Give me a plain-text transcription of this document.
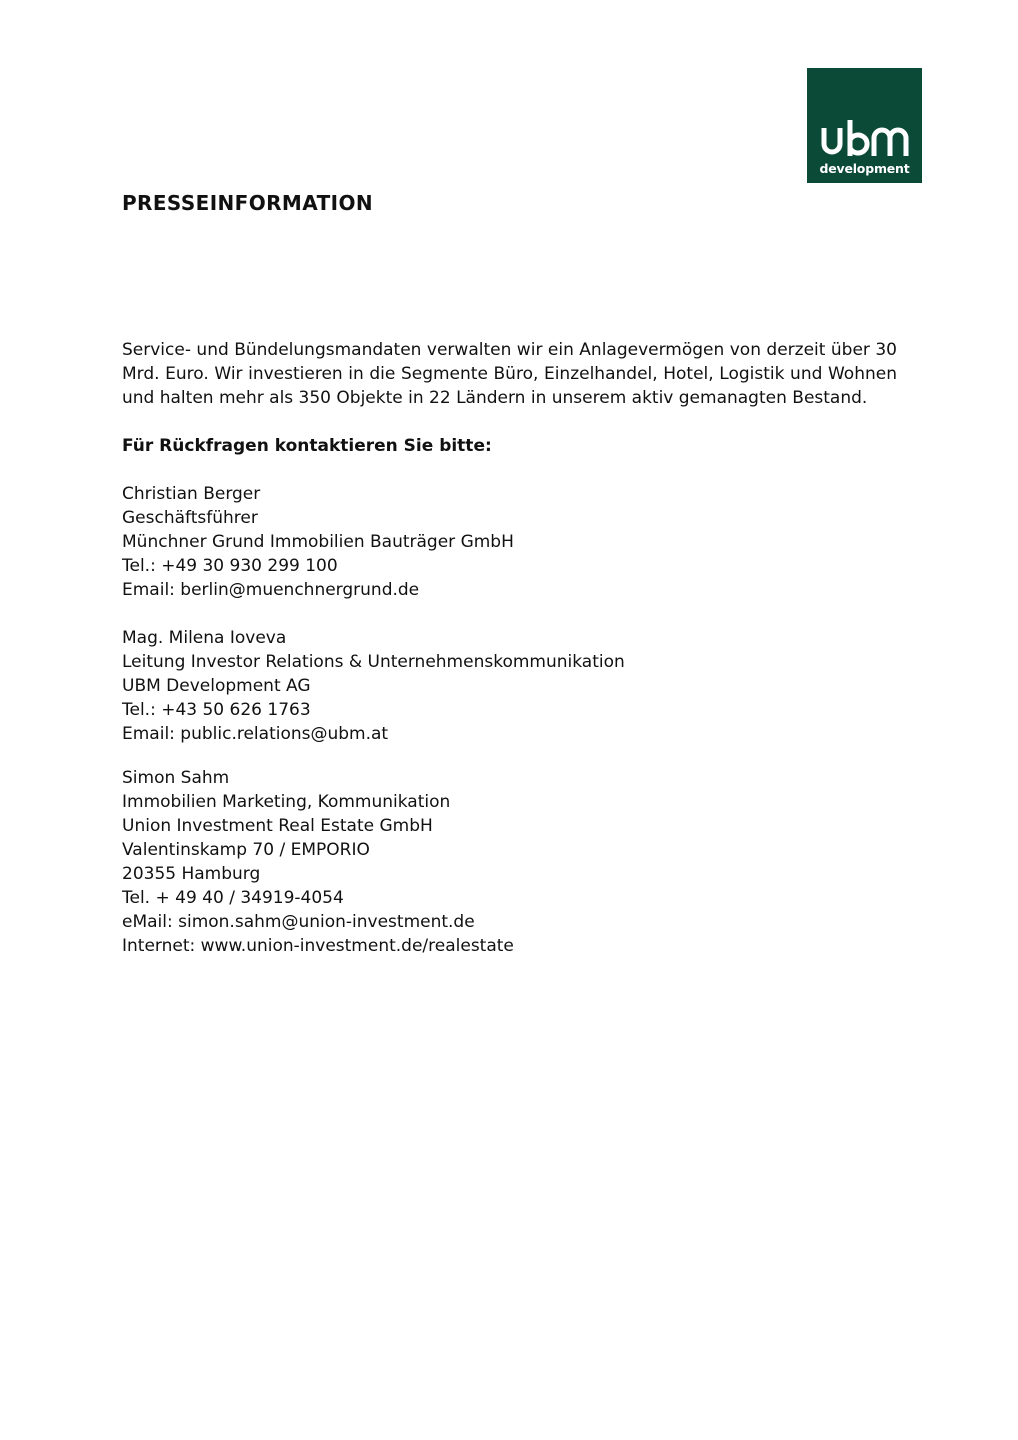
development
PRESSEINFORMATION

Service- und Bündelungsmandaten verwalten wir ein Anlagevermögen von derzeit über 30 Mrd. Euro. Wir investieren in die Segmente Büro, Einzelhandel, Hotel, Logistik und Wohnen und halten mehr als 350 Objekte in 22 Ländern in unserem aktiv gemanagten Bestand.

Für Rückfragen kontaktieren Sie bitte:

Christian Berger
Geschäftsführer
Münchner Grund Immobilien Bauträger GmbH
Tel.: +49 30 930 299 100
Email: berlin@muenchnergrund.de
Mag. Milena Ioveva
Leitung Investor Relations & Unternehmenskommunikation
UBM Development AG
Tel.: +43 50 626 1763
Email: public.relations@ubm.at
Simon Sahm
Immobilien Marketing, Kommunikation
Union Investment Real Estate GmbH
Valentinskamp 70 / EMPORIO
20355 Hamburg
Tel. + 49 40 / 34919-4054
eMail: simon.sahm@union-investment.de
Internet: www.union-investment.de/realestate
